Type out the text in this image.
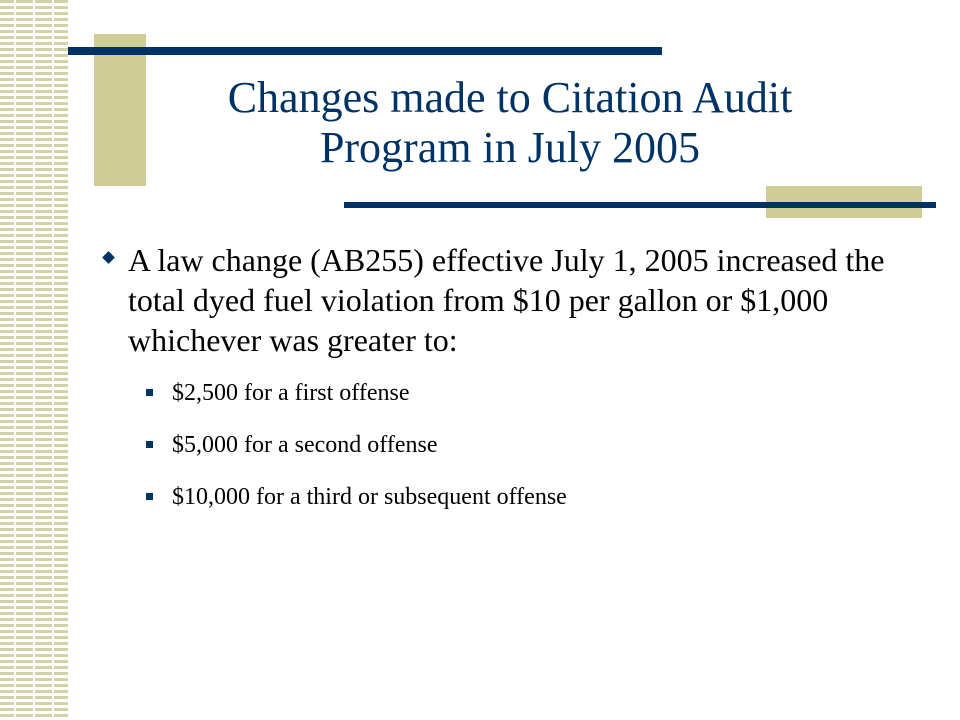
Changes made to Citation Audit
Program in July 2005
A law change (AB255) effective July 1, 2005 increased the total dyed fuel violation from $10 per gallon or $1,000 whichever was greater to:
$2,500 for a first offense
$5,000 for a second offense
$10,000 for a third or subsequent offense
